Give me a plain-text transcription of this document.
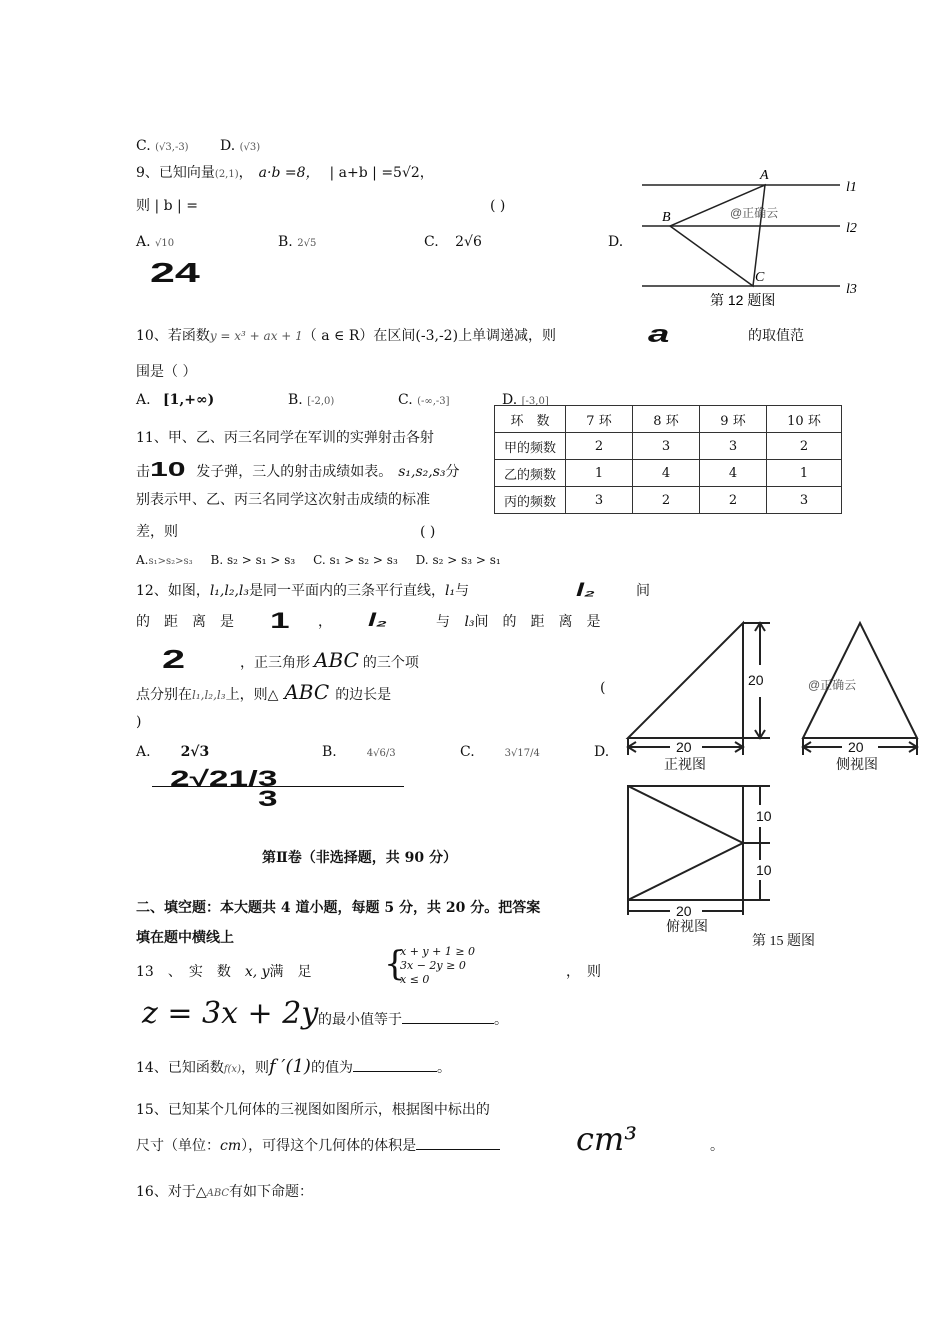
C. (√3,-3) D. (√3)
9、已知向量(2,1)， a·b =8， | a+b | =5√2，
则 | b | =	( )
A. √10	B. 2√5	C. 2√6	D.
24
A
B
C
l1
l2
l3
@正确云
第 12 题图
10、若函数y = x³ + ax + 1（ a ∈ R）在区间(-3,-2)上单调递减，则	a	的取值范
围是（ ）
A. [1,+∞)	B. [-2,0)	C. (-∞,-3]	D. [-3,0]
11、甲、乙、丙三名同学在军训的实弹射击各射
击10 发子弹，三人的射击成绩如表。 s₁,s₂,s₃分
别表示甲、乙、丙三名同学这次射击成绩的标准
差，则	( )
A.s₁>s₂>s₃ B. s₂ > s₁ > s₃ C. s₁ > s₂ > s₃ D. s₂ > s₃ > s₁
环　数	7 环	8 环	9 环	10 环
甲的频数	2	3	3	2
乙的频数	1	4	4	1
丙的频数	3	2	2	3
12、如图，l₁,l₂,l₃是同一平面内的三条平行直线，l₁与	l₂	间
的　距　离　是 1 ， l₂	与 l₃间　的　距　离　是
2	，正三角形 ABC 的三个项
点分别在l₁,l₂,l₃上，则△ ABC 的边长是	(
)
A. 2√3	B.	4√6/3	C.	3√17/4	D.
2√21/3
第Ⅱ卷（非选择题，共 90 分）
二、填空题：本大题共 4 道小题，每题 5 分，共 20 分。把答案
填在题中横线上
13　、　实　数 x, y满　足 {
x + y + 1 ≥ 0
3x − 2y ≥ 0
x ≤ 0	，　则
z = 3x + 2y 的最小值等于	。
14、已知函数f(x)，则f ′(1)的值为	。
15、已知某个几何体的三视图如图所示，根据图中标出的
尺寸（单位：cm），可得这个几何体的体积是	cm³	。
16、对于△ABC有如下命题：
20
20
正视图
20
侧视图
@正确云
10
10
20
俯视图
第 15 题图
3
